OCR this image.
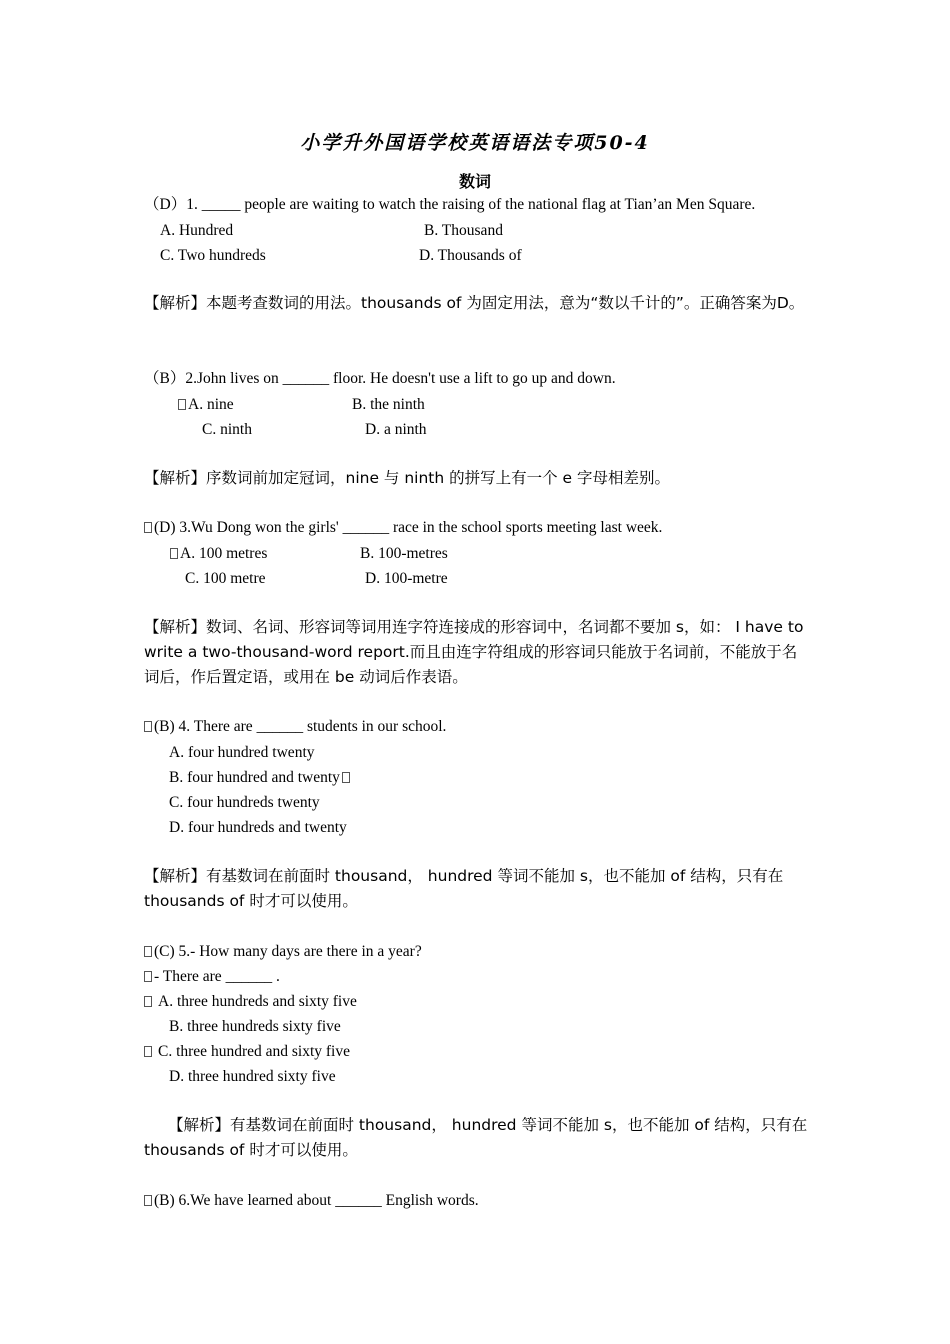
小学升外国语学校英语语法专项50-4
数词
（D）1. _____ people are waiting to watch the raising of the national flag at Tian’an Men Square.
A. Hundred	B. Thousand
C. Two hundreds	D. Thousands of
【解析】本题考查数词的用法。thousands of 为固定用法，意为“数以千计的”。正确答案为D。
（B）2.John lives on ______ floor. He doesn't use a lift to go up and down.
A. nine	B. the ninth
C. ninth	D. a ninth
【解析】序数词前加定冠词，nine 与 ninth 的拼写上有一个 e 字母相差别。
(D) 3.Wu Dong won the girls' ______ race in the school sports meeting last week.
A. 100 metres	B. 100-metres
C. 100 metre	D. 100-metre
【解析】数词、名词、形容词等词用连字符连接成的形容词中，名词都不要加 s，如： I have to write a two-thousand-word report.而且由连字符组成的形容词只能放于名词前，不能放于名词后，作后置定语，或用在 be 动词后作表语。
(B) 4. There are ______ students in our school.
A. four hundred twenty
B. four hundred and twenty
C. four hundreds twenty
D. four hundreds and twenty
【解析】有基数词在前面时 thousand， hundred 等词不能加 s，也不能加 of 结构，只有在 thousands of 时才可以使用。
(C) 5.- How many days are there in a year?
- There are ______ .
A. three hundreds and sixty five
B. three hundreds sixty five
C. three hundred and sixty five
D. three hundred sixty five
【解析】有基数词在前面时 thousand， hundred 等词不能加 s，也不能加 of 结构，只有在 thousands of 时才可以使用。
(B) 6.We have learned about ______ English words.
